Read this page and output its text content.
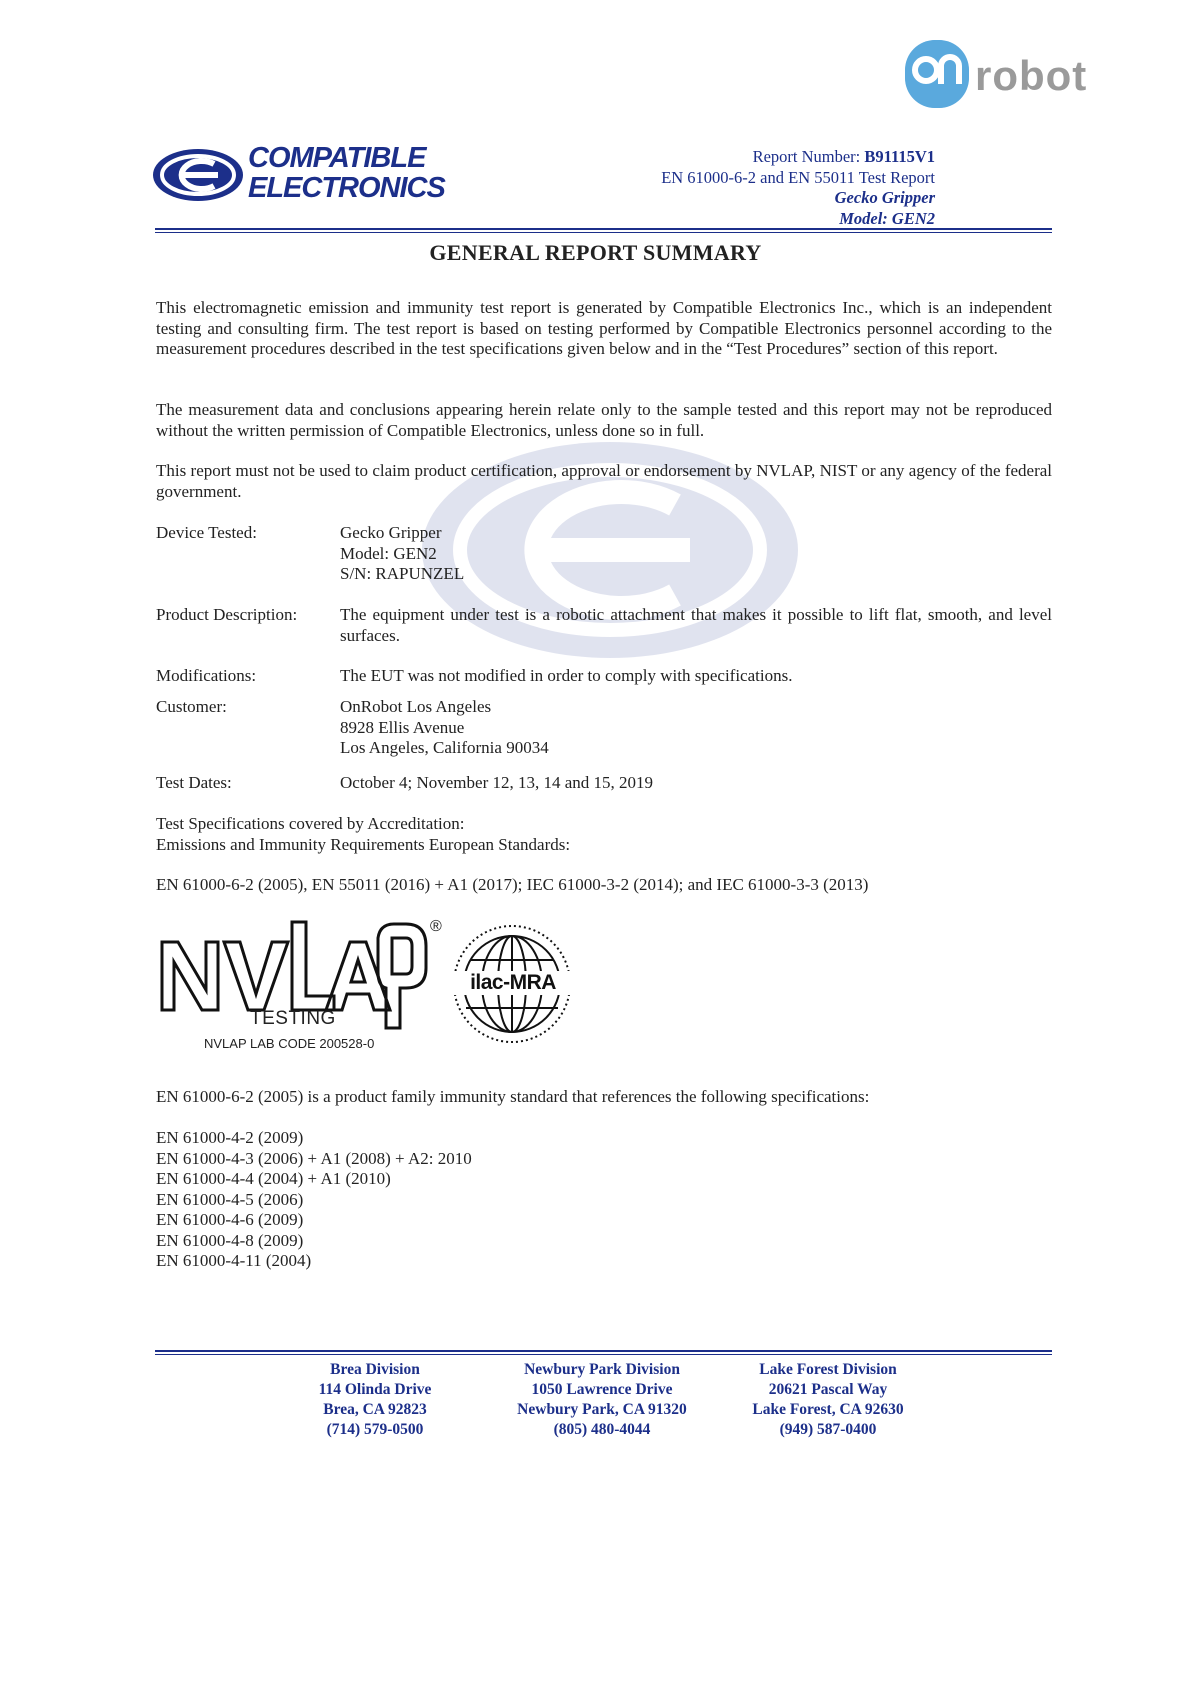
robot
COMPATIBLE
ELECTRONICS
Report Number: B91115V1
EN 61000-6-2 and EN 55011 Test Report
Gecko Gripper
Model: GEN2
GENERAL REPORT SUMMARY
This electromagnetic emission and immunity test report is generated by Compatible Electronics Inc., which is an independent testing and consulting firm. The test report is based on testing performed by Compatible Electronics personnel according to the measurement procedures described in the test specifications given below and in the “Test Procedures” section of this report.
The measurement data and conclusions appearing herein relate only to the sample tested and this report may not be reproduced without the written permission of Compatible Electronics, unless done so in full.
This report must not be used to claim product certification, approval or endorsement by NVLAP, NIST or any agency of the federal government.
Device Tested:	Gecko Gripper
Model: GEN2
S/N: RAPUNZEL
Product Description:	The equipment under test is a robotic attachment that makes it possible to lift flat, smooth, and level surfaces.
Modifications:	The EUT was not modified in order to comply with specifications.
Customer:	OnRobot Los Angeles
8928 Ellis Avenue
Los Angeles, California 90034
Test Dates:	October 4; November 12, 13, 14 and 15, 2019
Test Specifications covered by Accreditation:
Emissions and Immunity Requirements European Standards:
EN 61000-6-2 (2005), EN 55011 (2016) + A1 (2017); IEC 61000-3-2 (2014); and IEC 61000-3-3 (2013)
®
TESTING
NVLAP LAB CODE 200528-0
ilac-MRA
EN 61000-6-2 (2005) is a product family immunity standard that references the following specifications:
EN 61000-4-2 (2009)
EN 61000-4-3 (2006) + A1 (2008) + A2: 2010
EN 61000-4-4 (2004) + A1 (2010)
EN 61000-4-5 (2006)
EN 61000-4-6 (2009)
EN 61000-4-8 (2009)
EN 61000-4-11 (2004)
Brea Division
114 Olinda Drive
Brea, CA 92823
(714) 579-0500
Newbury Park Division
1050 Lawrence Drive
Newbury Park, CA 91320
(805) 480-4044
Lake Forest Division
20621 Pascal Way
Lake Forest, CA 92630
(949) 587-0400
